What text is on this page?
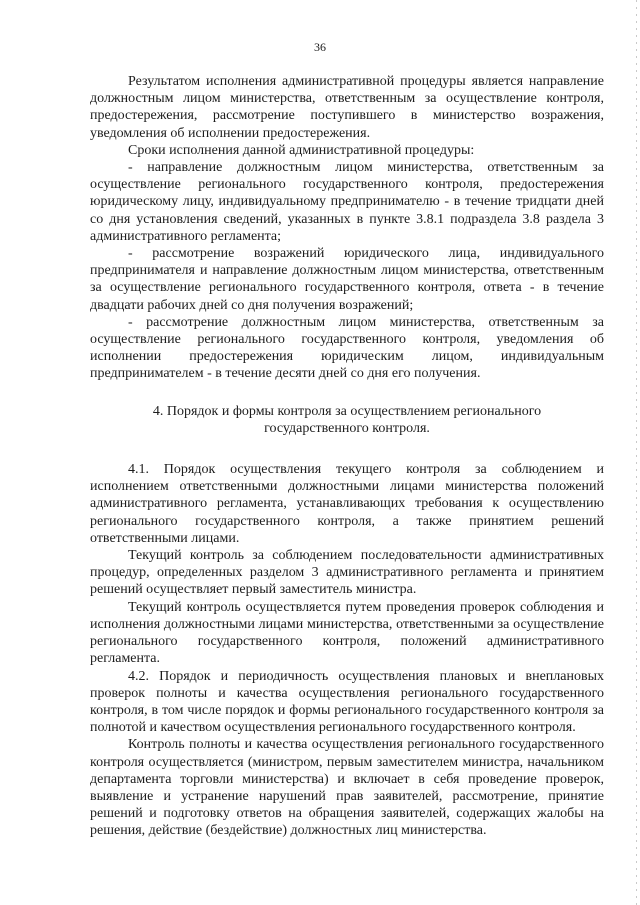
36

Результатом исполнения административной процедуры является направление должностным лицом министерства, ответственным за осуществление контроля, предостережения, рассмотрение поступившего в министерство возражения, уведомления об исполнении предостережения.

Сроки исполнения данной административной процедуры:

- направление должностным лицом министерства, ответственным за осуществление регионального государственного контроля, предостережения юридическому лицу, индивидуальному предпринимателю - в течение тридцати дней со дня установления сведений, указанных в пункте 3.8.1 подраздела 3.8 раздела 3 административного регламента;

- рассмотрение возражений юридического лица, индивидуального предпринимателя и направление должностным лицом министерства, ответственным за осуществление регионального государственного контроля, ответа - в течение двадцати рабочих дней со дня получения возражений;

- рассмотрение должностным лицом министерства, ответственным за осуществление регионального государственного контроля, уведомления об исполнении предостережения юридическим лицом, индивидуальным предпринимателем - в течение десяти дней со дня его получения.

4. Порядок и формы контроля за осуществлением регионального государственного контроля.

4.1. Порядок осуществления текущего контроля за соблюдением и исполнением ответственными должностными лицами министерства положений административного регламента, устанавливающих требования к осуществлению регионального государственного контроля, а также принятием решений ответственными лицами.

Текущий контроль за соблюдением последовательности административных процедур, определенных разделом 3 административного регламента и принятием решений осуществляет первый заместитель министра.

Текущий контроль осуществляется путем проведения проверок соблюдения и исполнения должностными лицами министерства, ответственными за осуществление регионального государственного контроля, положений административного регламента.

4.2. Порядок и периодичность осуществления плановых и внеплановых проверок полноты и качества осуществления регионального государственного контроля, в том числе порядок и формы регионального государственного контроля за полнотой и качеством осуществления регионального государственного контроля.

Контроль полноты и качества осуществления регионального государственного контроля осуществляется (министром, первым заместителем министра, начальником департамента торговли министерства) и включает в себя проведение проверок, выявление и устранение нарушений прав заявителей, рассмотрение, принятие решений и подготовку ответов на обращения заявителей, содержащих жалобы на решения, действие (бездействие) должностных лиц министерства.
